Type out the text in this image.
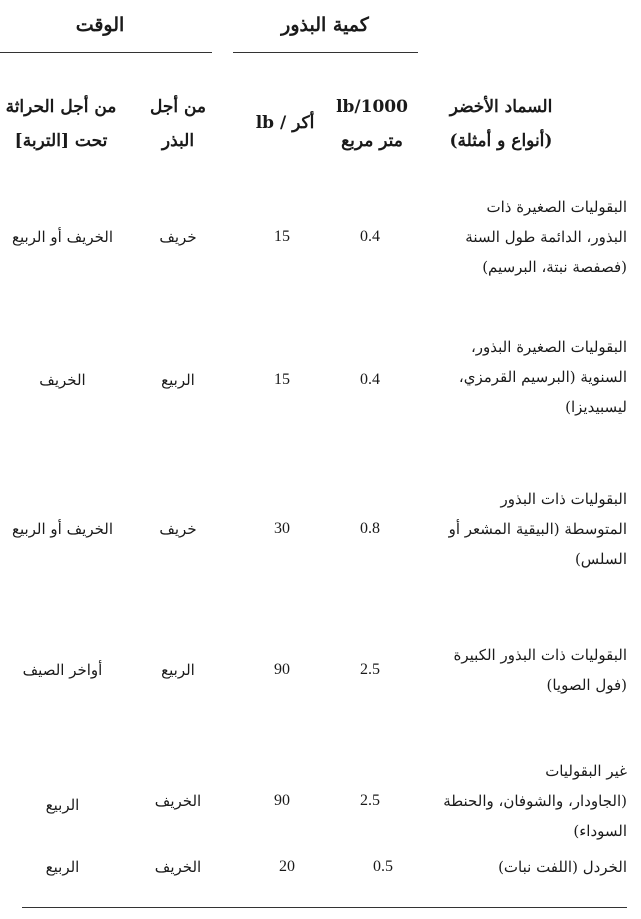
كمية البذور
الوقت
السماد الأخضر
(أنواع و أمثلة)
lb/1000
متر مربع
أكر / lb
من أجل
البذر
من أجل الحراثة
تحت [التربة]
البقوليات الصغيرة ذات
البذور، الدائمة طول السنة
(فصفصة نبتة، البرسيم)
0.4
15
خريف
الخريف أو الربيع
البقوليات الصغيرة البذور،
السنوية (البرسيم القرمزي،
ليسبيديزا)
0.4
15
الربيع
الخريف
البقوليات ذات البذور
المتوسطة (البيقية المشعر أو
السلس)
0.8
30
خريف
الخريف أو الربيع
البقوليات ذات البذور الكبيرة
(فول الصويا)
2.5
90
الربيع
أواخر الصيف
غير البقوليات
(الجاودار، والشوفان، والحنطة
السوداء)
2.5
90
الخريف
الربيع
الخردل (اللفت نبات)
0.5
20
الخريف
الربيع
